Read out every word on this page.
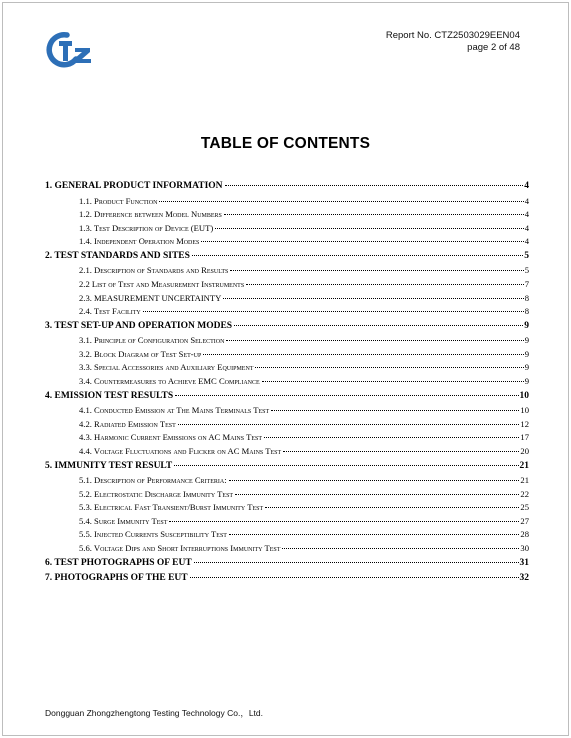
Report No. CTZ2503029EEN04
page 2 of 48
TABLE OF CONTENTS
1. GENERAL PRODUCT INFORMATION	4
1.1. Product Function	4
1.2. Difference between Model Numbers	4
1.3. Test Description of Device (EUT)	4
1.4. Independent Operation Modes	4
2. TEST STANDARDS AND SITES	5
2.1. Description of Standards and Results	5
2.2 List of Test and Measurement Instruments	7
2.3. MEASUREMENT UNCERTAINTY	8
2.4. Test Facility	8
3. TEST SET-UP AND OPERATION MODES	9
3.1. Principle of Configuration Selection	9
3.2. Block Diagram of Test Set-up	9
3.3. Special Accessories and Auxiliary Equipment	9
3.4. Countermeasures to Achieve EMC Compliance	9
4. EMISSION TEST RESULTS	10
4.1. Conducted Emission at The Mains Terminals Test	10
4.2. Radiated Emission Test	12
4.3. Harmonic Current Emissions on AC Mains Test	17
4.4. Voltage Fluctuations and Flicker on AC Mains Test	20
5. IMMUNITY TEST RESULT	21
5.1. Description of Performance Criteria:	21
5.2. Electrostatic Discharge Immunity Test	22
5.3. Electrical Fast Transient/Burst Immunity Test	25
5.4. Surge Immunity Test	27
5.5. Injected Currents Susceptibility Test	28
5.6. Voltage Dips and Short Interruptions Immunity Test	30
6. TEST PHOTOGRAPHS OF EUT	31
7. PHOTOGRAPHS OF THE EUT	32
Dongguan Zhongzhengtong Testing Technology Co.，Ltd.
